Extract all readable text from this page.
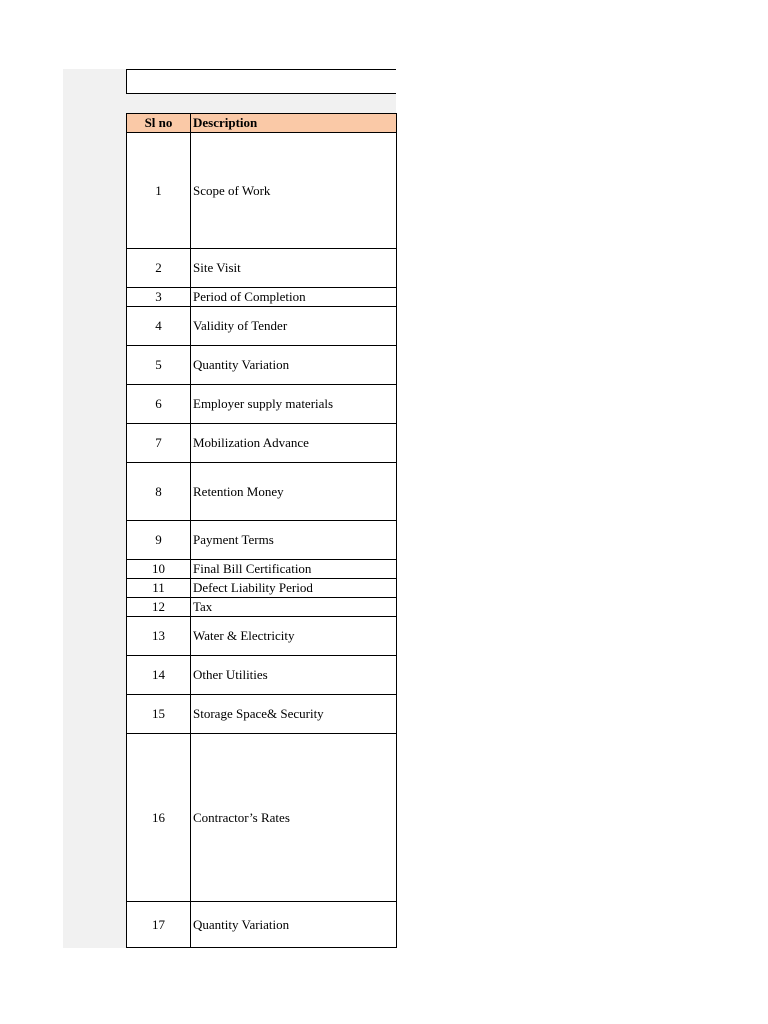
Sl no	Description
1	Scope of Work
2	Site Visit
3	Period of Completion
4	Validity of Tender
5	Quantity Variation
6	Employer supply materials
7	Mobilization Advance
8	Retention Money
9	Payment Terms
10	Final Bill Certification
11	Defect Liability Period
12	Tax
13	Water & Electricity
14	Other Utilities
15	Storage Space& Security
16	Contractor’s Rates
17	Quantity Variation
